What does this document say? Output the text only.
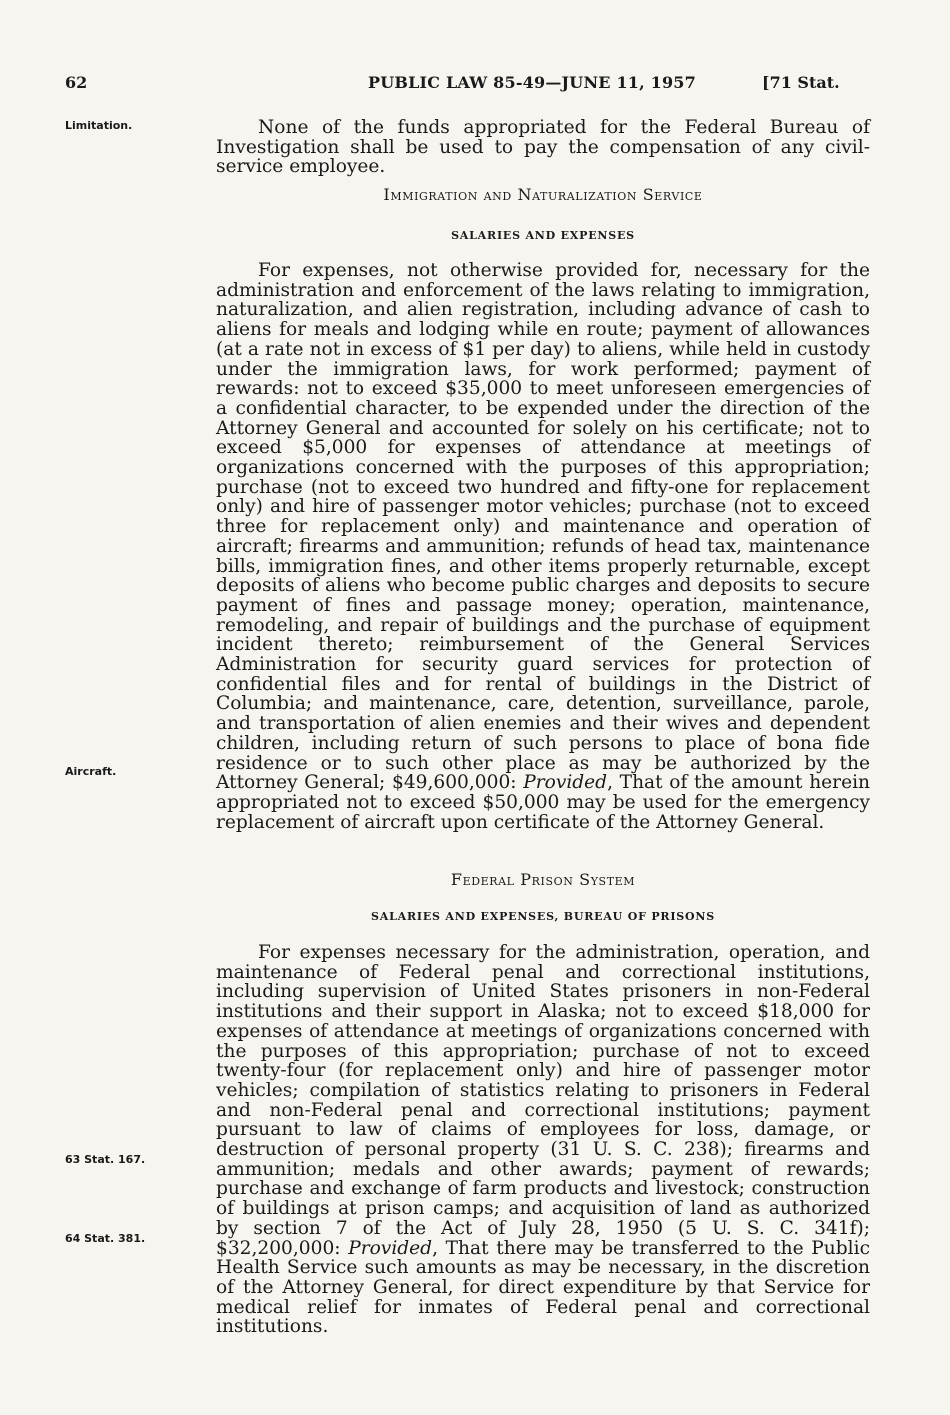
62	PUBLIC LAW 85-49—JUNE 11, 1957	[71 Stat.
Limitation.
Aircraft.
63 Stat. 167.
64 Stat. 381.

None of the funds appropriated for the Federal Bureau of Investigation shall be used to pay the compensation of any civil-service employee.

Immigration and Naturalization Service
SALARIES AND EXPENSES

For expenses, not otherwise provided for, necessary for the administration and enforcement of the laws relating to immigration, naturalization, and alien registration, including advance of cash to aliens for meals and lodging while en route; payment of allowances (at a rate not in excess of $1 per day) to aliens, while held in custody under the immigration laws, for work performed; payment of rewards: not to exceed $35,000 to meet unforeseen emergencies of a confidential character, to be expended under the direction of the Attorney General and accounted for solely on his certificate; not to exceed $5,000 for expenses of attendance at meetings of organizations concerned with the purposes of this appropriation; purchase (not to exceed two hundred and fifty-one for replacement only) and hire of passenger motor vehicles; purchase (not to exceed three for replacement only) and maintenance and operation of aircraft; firearms and ammunition; refunds of head tax, maintenance bills, immigration fines, and other items properly returnable, except deposits of aliens who become public charges and deposits to secure payment of fines and passage money; operation, maintenance, remodeling, and repair of buildings and the purchase of equipment incident thereto; reimbursement of the General Services Administration for security guard services for protection of confidential files and for rental of buildings in the District of Columbia; and maintenance, care, detention, surveillance, parole, and transportation of alien enemies and their wives and dependent children, including return of such persons to place of bona fide residence or to such other place as may be authorized by the Attorney General; $49,600,000: Provided, That of the amount herein appropriated not to exceed $50,000 may be used for the emergency replacement of aircraft upon certificate of the Attorney General.

Federal Prison System
SALARIES AND EXPENSES, BUREAU OF PRISONS

For expenses necessary for the administration, operation, and maintenance of Federal penal and correctional institutions, including supervision of United States prisoners in non-Federal institutions and their support in Alaska; not to exceed $18,000 for expenses of attendance at meetings of organizations concerned with the purposes of this appropriation; purchase of not to exceed twenty-four (for replacement only) and hire of passenger motor vehicles; compilation of statistics relating to prisoners in Federal and non-Federal penal and correctional institutions; payment pursuant to law of claims of employees for loss, damage, or destruction of personal property (31 U. S. C. 238); firearms and ammunition; medals and other awards; payment of rewards; purchase and exchange of farm products and livestock; construction of buildings at prison camps; and acquisition of land as authorized by section 7 of the Act of July 28, 1950 (5 U. S. C. 341f); $32,200,000: Provided, That there may be transferred to the Public Health Service such amounts as may be necessary, in the discretion of the Attorney General, for direct expenditure by that Service for medical relief for inmates of Federal penal and correctional institutions.
